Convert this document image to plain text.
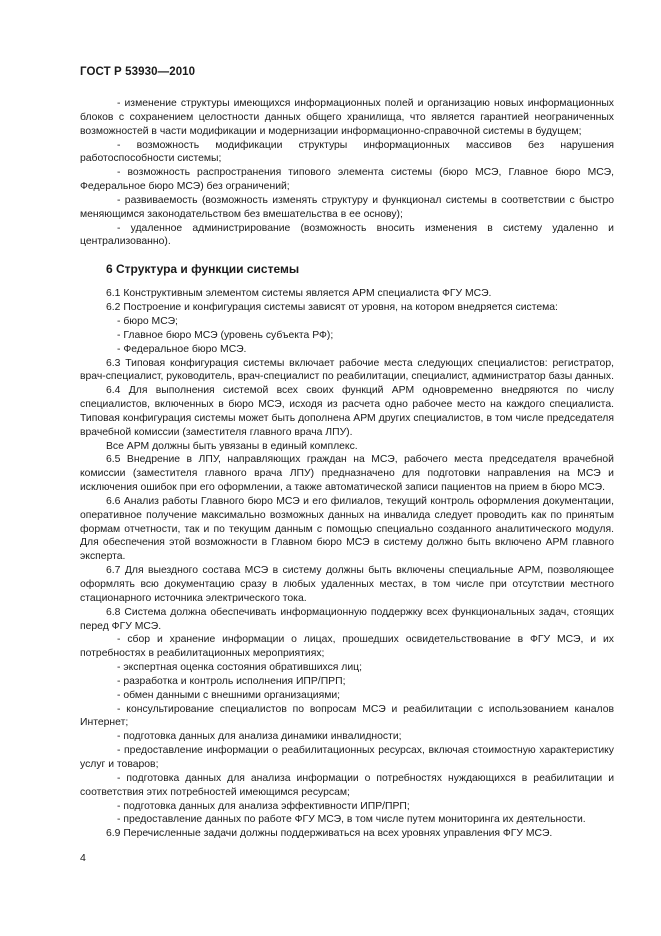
ГОСТ Р 53930—2010

- изменение структуры имеющихся информационных полей и организацию новых информационных блоков с сохранением целостности данных общего хранилища, что является гарантией неограниченных возможностей в части модификации и модернизации информационно-справочной системы в будущем;

- возможность модификации структуры информационных массивов без нарушения работоспособности системы;

- возможность распространения типового элемента системы (бюро МСЭ, Главное бюро МСЭ, Федеральное бюро МСЭ) без ограничений;

- развиваемость (возможность изменять структуру и функционал системы в соответствии с быстро меняющимся законодательством без вмешательства в ее основу);

- удаленное администрирование (возможность вносить изменения в систему удаленно и централизованно).

6 Структура и функции системы

6.1 Конструктивным элементом системы является АРМ специалиста ФГУ МСЭ.

6.2 Построение и конфигурация системы зависят от уровня, на котором внедряется система:

- бюро МСЭ;

- Главное бюро МСЭ (уровень субъекта РФ);

- Федеральное бюро МСЭ.

6.3 Типовая конфигурация системы включает рабочие места следующих специалистов: регистратор, врач-специалист, руководитель, врач-специалист по реабилитации, специалист, администратор базы данных.

6.4 Для выполнения системой всех своих функций АРМ одновременно внедряются по числу специалистов, включенных в бюро МСЭ, исходя из расчета одно рабочее место на каждого специалиста. Типовая конфигурация системы может быть дополнена АРМ других специалистов, в том числе председателя врачебной комиссии (заместителя главного врача ЛПУ).

Все АРМ должны быть увязаны в единый комплекс.

6.5 Внедрение в ЛПУ, направляющих граждан на МСЭ, рабочего места председателя врачебной комиссии (заместителя главного врача ЛПУ) предназначено для подготовки направления на МСЭ и исключения ошибок при его оформлении, а также автоматической записи пациентов на прием в бюро МСЭ.

6.6 Анализ работы Главного бюро МСЭ и его филиалов, текущий контроль оформления документации, оперативное получение максимально возможных данных на инвалида следует проводить как по принятым формам отчетности, так и по текущим данным с помощью специально созданного аналитического модуля. Для обеспечения этой возможности в Главном бюро МСЭ в систему должно быть включено АРМ главного эксперта.

6.7 Для выездного состава МСЭ в систему должны быть включены специальные АРМ, позволяющее оформлять всю документацию сразу в любых удаленных местах, в том числе при отсутствии местного стационарного источника электрического тока.

6.8 Система должна обеспечивать информационную поддержку всех функциональных задач, стоящих перед ФГУ МСЭ.

- сбор и хранение информации о лицах, прошедших освидетельствование в ФГУ МСЭ, и их потребностях в реабилитационных мероприятиях;

- экспертная оценка состояния обратившихся лиц;

- разработка и контроль исполнения ИПР/ПРП;

- обмен данными с внешними организациями;

- консультирование специалистов по вопросам МСЭ и реабилитации с использованием каналов Интернет;

- подготовка данных для анализа динамики инвалидности;

- предоставление информации о реабилитационных ресурсах, включая стоимостную характеристику услуг и товаров;

- подготовка данных для анализа информации о потребностях нуждающихся в реабилитации и соответствия этих потребностей имеющимся ресурсам;

- подготовка данных для анализа эффективности ИПР/ПРП;

- предоставление данных по работе ФГУ МСЭ, в том числе путем мониторинга их деятельности.

6.9 Перечисленные задачи должны поддерживаться на всех уровнях управления ФГУ МСЭ.

4
